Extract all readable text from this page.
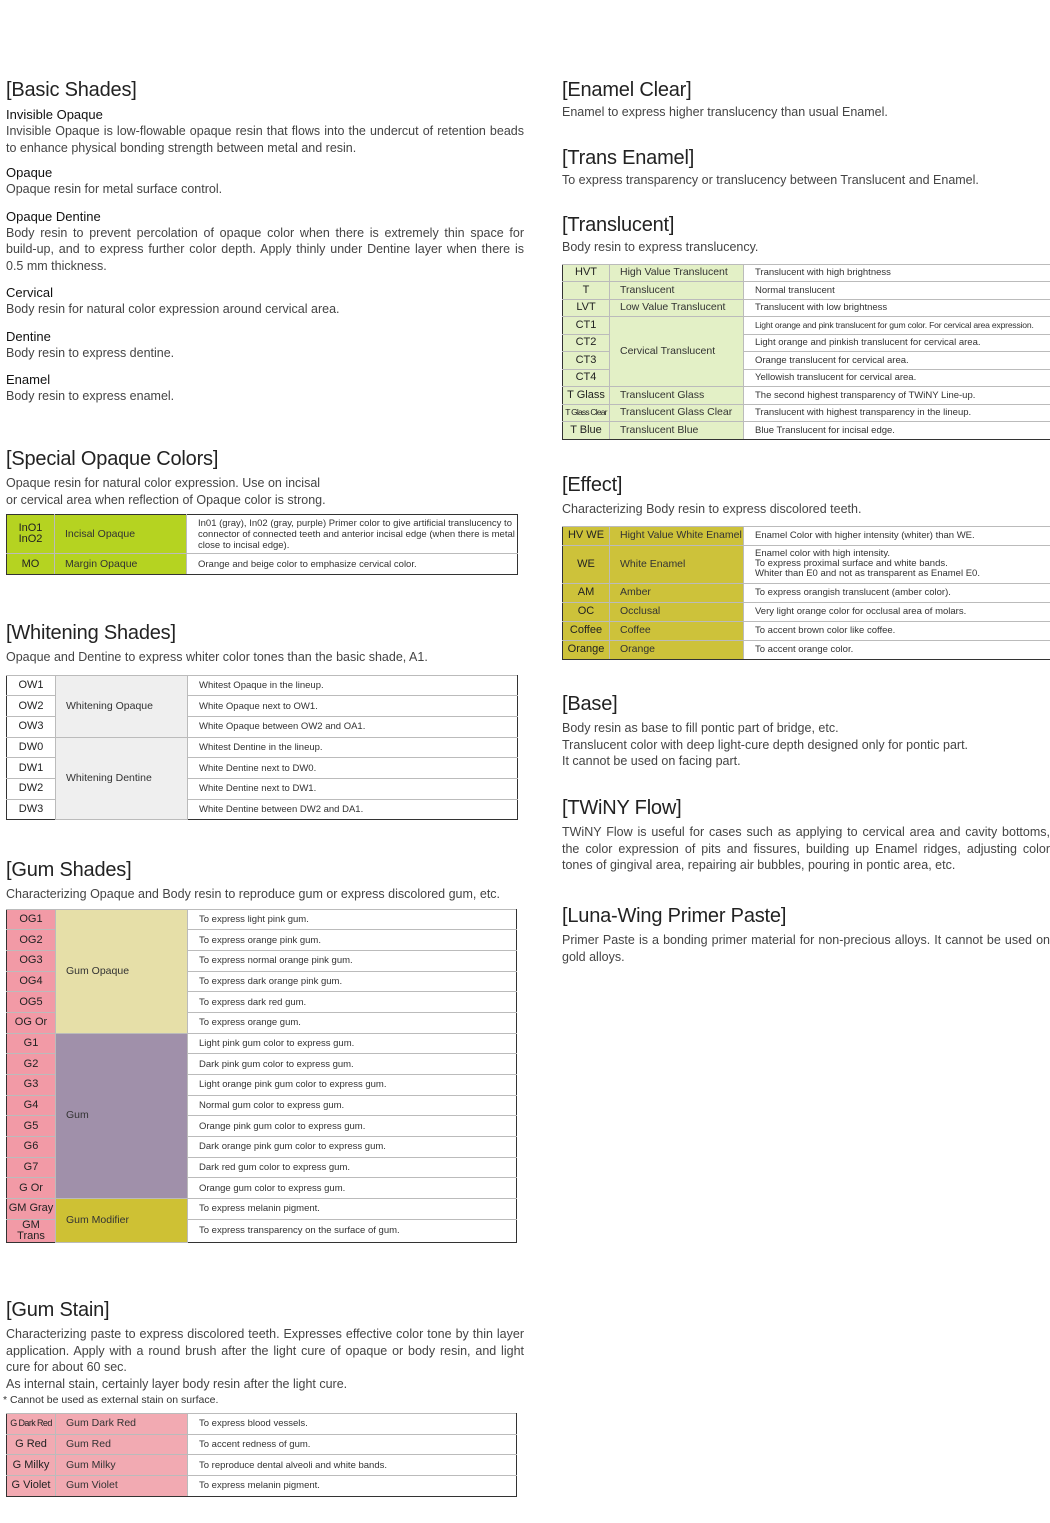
[Basic Shades]
Invisible Opaque

Invisible Opaque is low-flowable opaque resin that flows into the undercut of retention beads to enhance physical bonding strength between metal and resin.

Opaque

Opaque resin for metal surface control.

Opaque Dentine

Body resin to prevent percolation of opaque color when there is extremely thin space for build-up, and to express further color depth. Apply thinly under Dentine layer when there is 0.5 mm thickness.

Cervical

Body resin for natural color expression around cervical area.

Dentine

Body resin to express dentine.

Enamel

Body resin to express enamel.

[Special Opaque Colors]

Opaque resin for natural color expression. Use on incisal

or cervical area when reflection of Opaque color is strong.

InO1
InO2	Incisal Opaque	In01 (gray), In02 (gray, purple) Primer color to give artificial translucency to connector of connected teeth and anterior incisal edge (when there is metal close to incisal edge).
MO	Margin Opaque	Orange and beige color to emphasize cervical color.
[Whitening Shades]

Opaque and Dentine to express whiter color tones than the basic shade, A1.

OW1	Whitening Opaque	Whitest Opaque in the lineup.
OW2		White Opaque next to OW1.
OW3		White Opaque between OW2 and OA1.
DW0	Whitening Dentine	Whitest Dentine in the lineup.
DW1		White Dentine next to DW0.
DW2		White Dentine next to DW1.
DW3		White Dentine between DW2 and DA1.
[Gum Shades]

Characterizing Opaque and Body resin to reproduce gum or express discolored gum, etc.

OG1	Gum Opaque	To express light pink gum.
OG2		To express orange pink gum.
OG3		To express normal orange pink gum.
OG4		To express dark orange pink gum.
OG5		To express dark red gum.
OG Or		To express orange gum.
G1	Gum	Light pink gum color to express gum.
G2		Dark pink gum color to express gum.
G3		Light orange pink gum color to express gum.
G4		Normal gum color to express gum.
G5		Orange pink gum color to express gum.
G6		Dark orange pink gum color to express gum.
G7		Dark red gum color to express gum.
G Or		Orange gum color to express gum.
GM Gray	Gum Modifier	To express melanin pigment.
GM Trans		To express transparency on the surface of gum.
[Gum Stain]

Characterizing paste to express discolored teeth. Expresses effective color tone by thin layer application. Apply with a round brush after the light cure of opaque or body resin, and light cure for about 60 sec.

As internal stain, certainly layer body resin after the light cure.

* Cannot be used as external stain on surface.
G Dark Red	Gum Dark Red	To express blood vessels.
G Red	Gum Red	To accent redness of gum.
G Milky	Gum Milky	To reproduce dental alveoli and white bands.
G Violet	Gum Violet	To express melanin pigment.
[Enamel Clear]

Enamel to express higher translucency than usual Enamel.

[Trans Enamel]

To express transparency or translucency between Translucent and Enamel.

[Translucent]

Body resin to express translucency.

HVT	High Value Translucent	Translucent with high brightness
T	Translucent	Normal translucent
LVT	Low Value Translucent	Translucent with low brightness
CT1	Cervical Translucent	Light orange and pink translucent for gum color. For cervical area expression.
CT2		Light orange and pinkish translucent for cervical area.
CT3		Orange translucent for cervical area.
CT4		Yellowish translucent for cervical area.
T Glass	Translucent Glass	The second highest transparency of TWiNY Line-up.
T Glass Clear	Translucent Glass Clear	Translucent with highest transparency in the lineup.
T Blue	Translucent Blue	Blue Translucent for incisal edge.
[Effect]

Characterizing Body resin to express discolored teeth.

HV WE	Hight Value White Enamel	Enamel Color with higher intensity (whiter) than WE.
WE	White Enamel	Enamel color with high intensity.
To express proximal surface and white bands.
Whiter than E0 and not as transparent as Enamel E0.

AM	Amber	To express orangish translucent (amber color).
OC	Occlusal	Very light orange color for occlusal area of molars.
Coffee	Coffee	To accent brown color like coffee.
Orange	Orange	To accent orange color.
[Base]

Body resin as base to fill pontic part of bridge, etc.

Translucent color with deep light-cure depth designed only for pontic part.

It cannot be used on facing part.

[TWiNY Flow]

TWiNY Flow is useful for cases such as applying to cervical area and cavity bottoms, the color expression of pits and fissures, building up Enamel ridges, adjusting color tones of gingival area, repairing air bubbles, pouring in pontic area, etc.

[Luna-Wing Primer Paste]

Primer Paste is a bonding primer material for non-precious alloys. It cannot be used on gold alloys.
